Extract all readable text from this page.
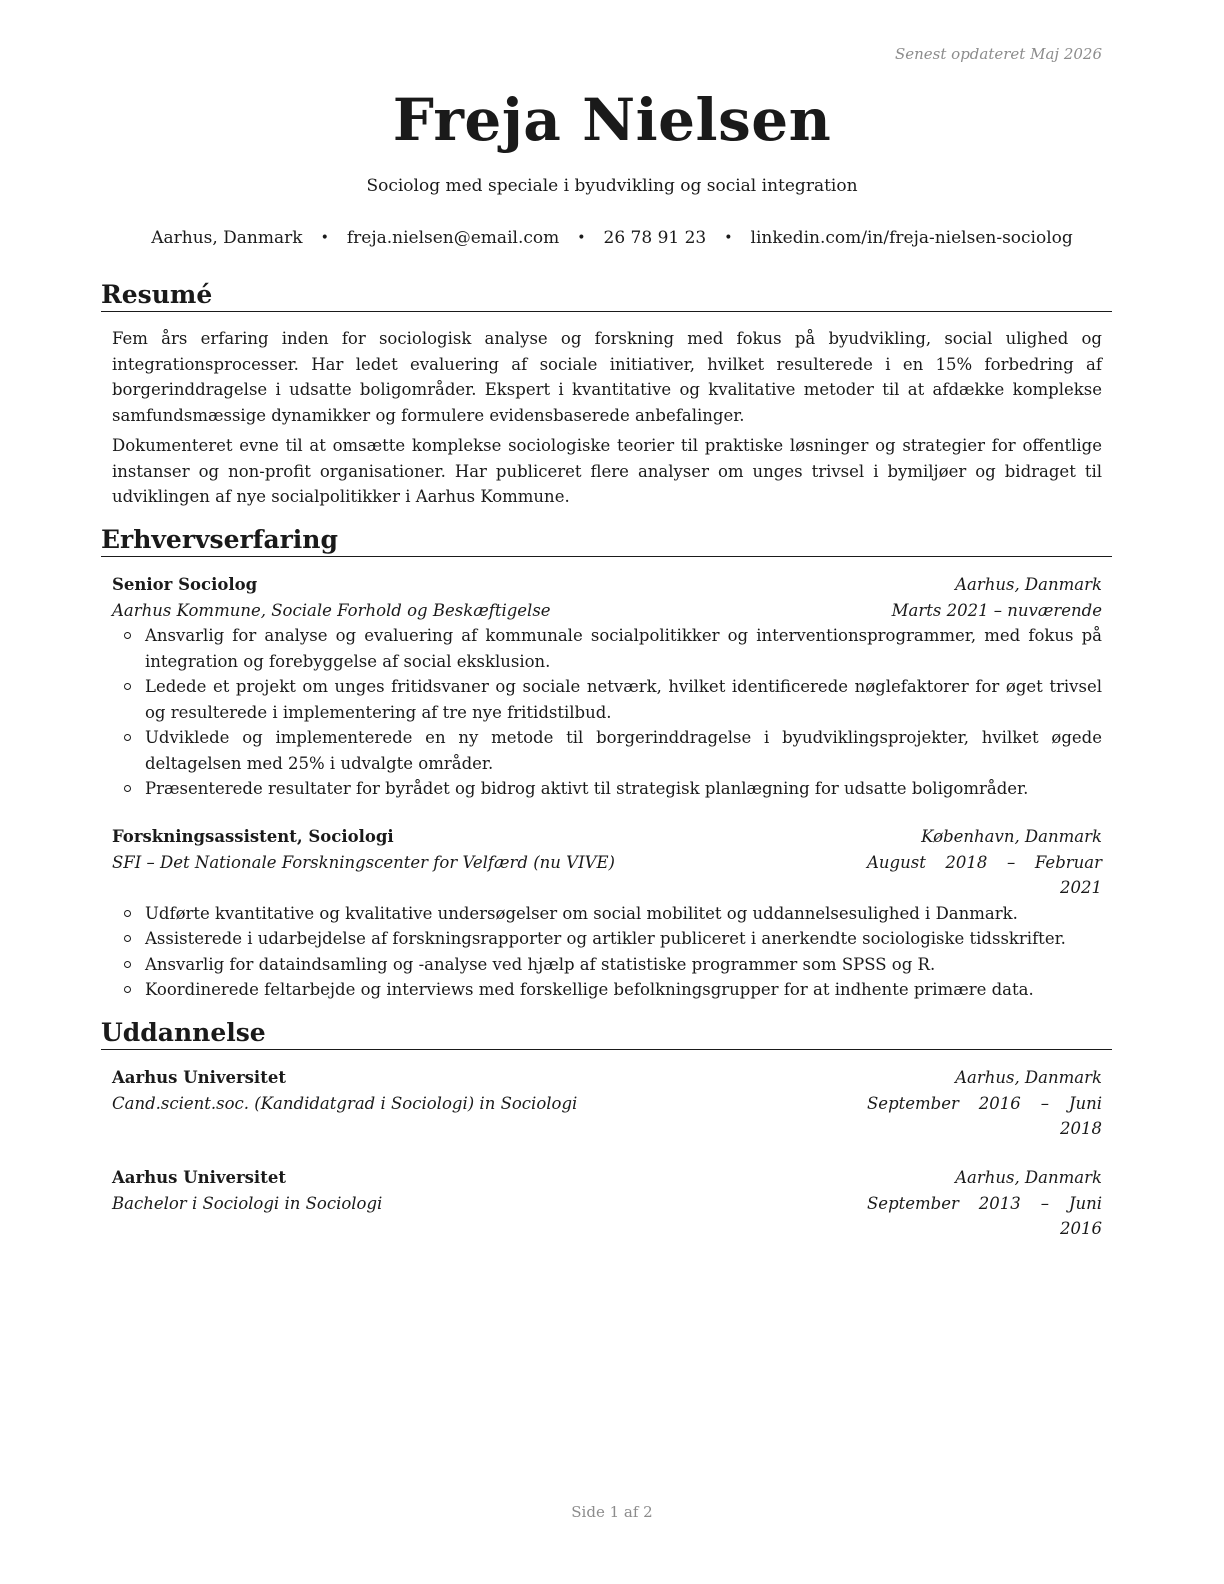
Senest opdateret Maj 2026
Freja Nielsen
Sociolog med speciale i byudvikling og social integration
Aarhus, Danmark • freja.nielsen@email.com • 26 78 91 23 • linkedin.com/in/freja-nielsen-sociolog
Resumé

Fem års erfaring inden for sociologisk analyse og forskning med fokus på byudvikling, social ulighed og integrationsprocesser. Har ledet evaluering af sociale initiativer, hvilket resulterede i en 15% forbedring af borgerinddragelse i udsatte boligområder. Ekspert i kvantitative og kvalitative metoder til at afdække komplekse samfundsmæssige dynamikker og formulere evidensbaserede anbefalinger.

Dokumenteret evne til at omsætte komplekse sociologiske teorier til praktiske løsninger og strategier for offentlige instanser og non-profit organisationer. Har publiceret flere analyser om unges trivsel i bymiljøer og bidraget til udviklingen af nye socialpolitikker i Aarhus Kommune.

Erhvervserfaring
Senior Sociolog	Aarhus, Danmark
Aarhus Kommune, Sociale Forhold og Beskæftigelse	Marts 2021 – nuværende
Ansvarlig for analyse og evaluering af kommunale socialpolitikker og interventionsprogrammer, med fokus på integration og forebyggelse af social eksklusion.
Ledede et projekt om unges fritidsvaner og sociale netværk, hvilket identificerede nøglefaktorer for øget trivsel og resulterede i implementering af tre nye fritidstilbud.
Udviklede og implementerede en ny metode til borgerinddragelse i byudviklingsprojekter, hvilket øgede deltagelsen med 25% i udvalgte områder.
Præsenterede resultater for byrådet og bidrog aktivt til strategisk planlægning for udsatte boligområder.
Forskningsassistent, Sociologi	København, Danmark
SFI – Det Nationale Forskningscenter for Velfærd (nu VIVE)	August 2018 – Februar 2021
Udførte kvantitative og kvalitative undersøgelser om social mobilitet og uddannelsesulighed i Danmark.
Assisterede i udarbejdelse af forskningsrapporter og artikler publiceret i anerkendte sociologiske tidsskrifter.
Ansvarlig for dataindsamling og -analyse ved hjælp af statistiske programmer som SPSS og R.
Koordinerede feltarbejde og interviews med forskellige befolkningsgrupper for at indhente primære data.
Uddannelse
Aarhus Universitet	Aarhus, Danmark
Cand.scient.soc. (Kandidatgrad i Sociologi) in Sociologi	September 2016 – Juni 2018
Aarhus Universitet	Aarhus, Danmark
Bachelor i Sociologi in Sociologi	September 2013 – Juni 2016
Side 1 af 2
